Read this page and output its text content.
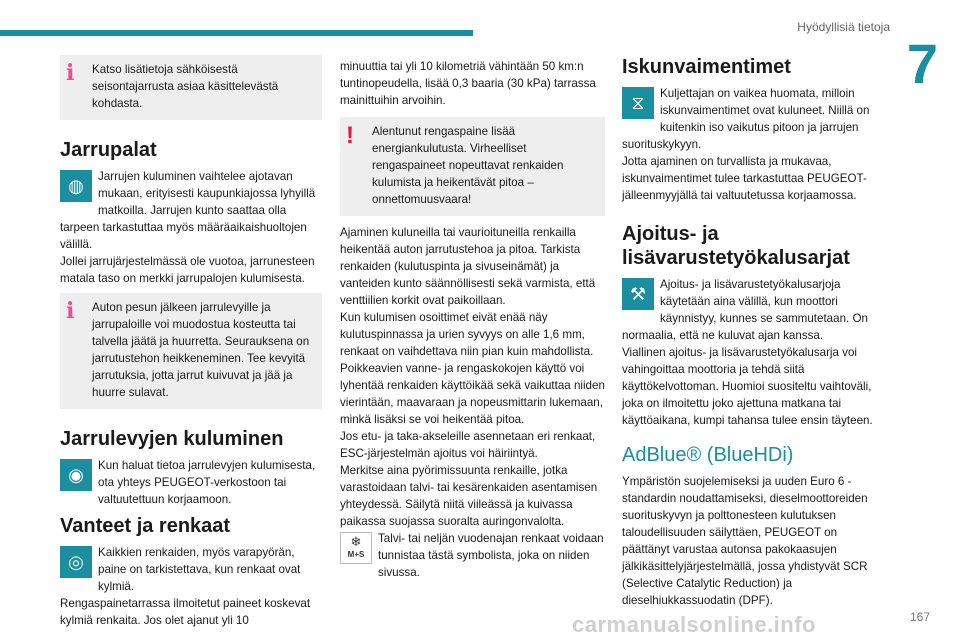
Hyödyllisiä tietoja
7
i	Katso lisätietoja sähköisestä seisontajarrusta asiaa käsittelevästä kohdasta.

Jarrupalat
◍	Jarrujen kuluminen vaihtelee ajotavan mukaan, erityisesti kaupunkiajossa lyhyillä matkoilla. Jarrujen kunto saattaa olla tarpeen tarkastuttaa myös määräaikaishuoltojen välillä.

Jollei jarrujärjestelmässä ole vuotoa, jarrunesteen matala taso on merkki jarrupalojen kulumisesta.

i	Auton pesun jälkeen jarrulevyille ja jarrupaloille voi muodostua kosteutta tai talvella jäätä ja huurretta. Seurauksena on jarrutustehon heikkeneminen. Tee kevyitä jarrutuksia, jotta jarrut kuivuvat ja jää ja huurre sulavat.

Jarrulevyjen kuluminen
◉	Kun haluat tietoa jarrulevyjen kulumisesta, ota yhteys PEUGEOT-verkostoon tai valtuutettuun korjaamoon.

Vanteet ja renkaat
◎	Kaikkien renkaiden, myös varapyörän, paine on tarkistettava, kun renkaat ovat kylmiä.

Rengaspainetarrassa ilmoitetut paineet koskevat kylmiä renkaita. Jos olet ajanut yli 10

minuuttia tai yli 10 kilometriä vähintään 50 km:n tuntinopeudella, lisää 0,3 baaria (30 kPa) tarrassa mainittuihin arvoihin.

!	Alentunut rengaspaine lisää energiankulutusta. Virheelliset rengaspaineet nopeuttavat renkaiden kulumista ja heikentävät pitoa – onnettomuusvaara!

Ajaminen kuluneilla tai vaurioituneilla renkailla heikentää auton jarrutustehoa ja pitoa. Tarkista renkaiden (kulutuspinta ja sivuseinämät) ja vanteiden kunto säännöllisesti sekä varmista, että venttiilien korkit ovat paikoillaan.

Kun kulumisen osoittimet eivät enää näy kulutuspinnassa ja urien syvyys on alle 1,6 mm, renkaat on vaihdettava niin pian kuin mahdollista.

Poikkeavien vanne- ja rengaskokojen käyttö voi lyhentää renkaiden käyttöikää sekä vaikuttaa niiden vierintään, maavaraan ja nopeusmittarin lukemaan, minkä lisäksi se voi heikentää pitoa.

Jos etu- ja taka-akseleille asennetaan eri renkaat, ESC-järjestelmän ajoitus voi häiriintyä.

Merkitse aina pyörimissuunta renkaille, jotka varastoidaan talvi- tai kesärenkaiden asentamisen yhteydessä. Säilytä niitä viileässä ja kuivassa paikassa suojassa suoralta auringonvalolta.

❄
M+S

Talvi- tai neljän vuodenajan renkaat voidaan tunnistaa tästä symbolista, joka on niiden sivussa.

Iskunvaimentimet
⧖	Kuljettajan on vaikea huomata, milloin iskunvaimentimet ovat kuluneet. Niillä on kuitenkin iso vaikutus pitoon ja jarrujen suorituskykyyn.

Jotta ajaminen on turvallista ja mukavaa, iskunvaimentimet tulee tarkastuttaa PEUGEOT-jälleenmyyjällä tai valtuutetussa korjaamossa.

Ajoitus- ja lisävarustetyökalusarjat
⚒	Ajoitus- ja lisävarustetyökalusarjoja käytetään aina välillä, kun moottori käynnistyy, kunnes se sammutetaan. On normaalia, että ne kuluvat ajan kanssa.

Viallinen ajoitus- ja lisävarustetyökalusarja voi vahingoittaa moottoria ja tehdä siitä käyttökelvottoman. Huomioi suositeltu vaihtoväli, joka on ilmoitettu joko ajettuna matkana tai käyttöaikana, kumpi tahansa tulee ensin täyteen.

AdBlue® (BlueHDi)

Ympäristön suojelemiseksi ja uuden Euro 6 -standardin noudattamiseksi, dieselmoottoreiden suorituskyvyn ja polttonesteen kulutuksen taloudellisuuden säilyttäen, PEUGEOT on päättänyt varustaa autonsa pakokaasujen jälkikäsittelyjärjestelmällä, jossa yhdistyvät SCR (Selective Catalytic Reduction) ja dieselhiukkassuodatin (DPF).

carmanualsonline.info	167
